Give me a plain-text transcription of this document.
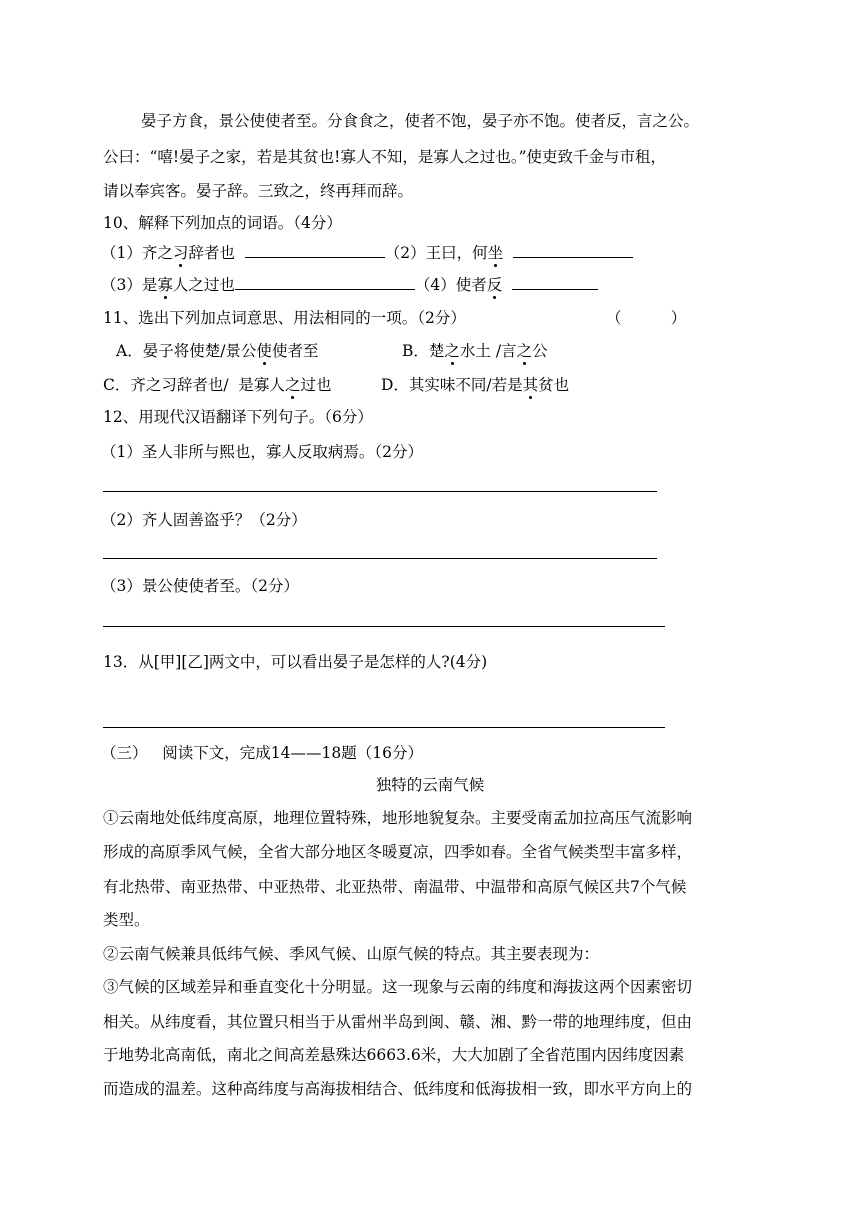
晏子方食，景公使使者至。分食食之，使者不饱，晏子亦不饱。使者反，言之公。
公曰：“嘻!晏子之家，若是其贫也!寡人不知，是寡人之过也。”使吏致千金与市租，
请以奉宾客。晏子辞。三致之，终再拜而辞。
10、解释下列加点的词语。（4分）
（1）齐之习辞者也	（2）王曰，何坐
（3）是寡人之过也	（4）使者反
11、选出下列加点词意思、用法相同的一项。（2分）	（          ）
A．晏子将使楚/景公使使者至	B．楚之水土 /言之公
C．齐之习辞者也/  是寡人之过也	D．其实味不同/若是其贫也
12、用现代汉语翻译下列句子。（6分）
（1）圣人非所与熙也，寡人反取病焉。（2分）
（2）齐人固善盗乎？（2分）
（3）景公使使者至。（2分）
13．从[甲][乙]两文中，可以看出晏子是怎样的人?(4分)
（三）   阅读下文，完成14——18题（16分）
独特的云南气候
①云南地处低纬度高原，地理位置特殊，地形地貌复杂。主要受南孟加拉高压气流影响
形成的高原季风气候，全省大部分地区冬暖夏凉，四季如春。全省气候类型丰富多样，
有北热带、南亚热带、中亚热带、北亚热带、南温带、中温带和高原气候区共7个气候
类型。
②云南气候兼具低纬气候、季风气候、山原气候的特点。其主要表现为：
③气候的区域差异和垂直变化十分明显。这一现象与云南的纬度和海拔这两个因素密切
相关。从纬度看，其位置只相当于从雷州半岛到闽、赣、湘、黔一带的地理纬度，但由
于地势北高南低，南北之间高差悬殊达6663.6米，大大加剧了全省范围内因纬度因素
而造成的温差。这种高纬度与高海拔相结合、低纬度和低海拔相一致，即水平方向上的
